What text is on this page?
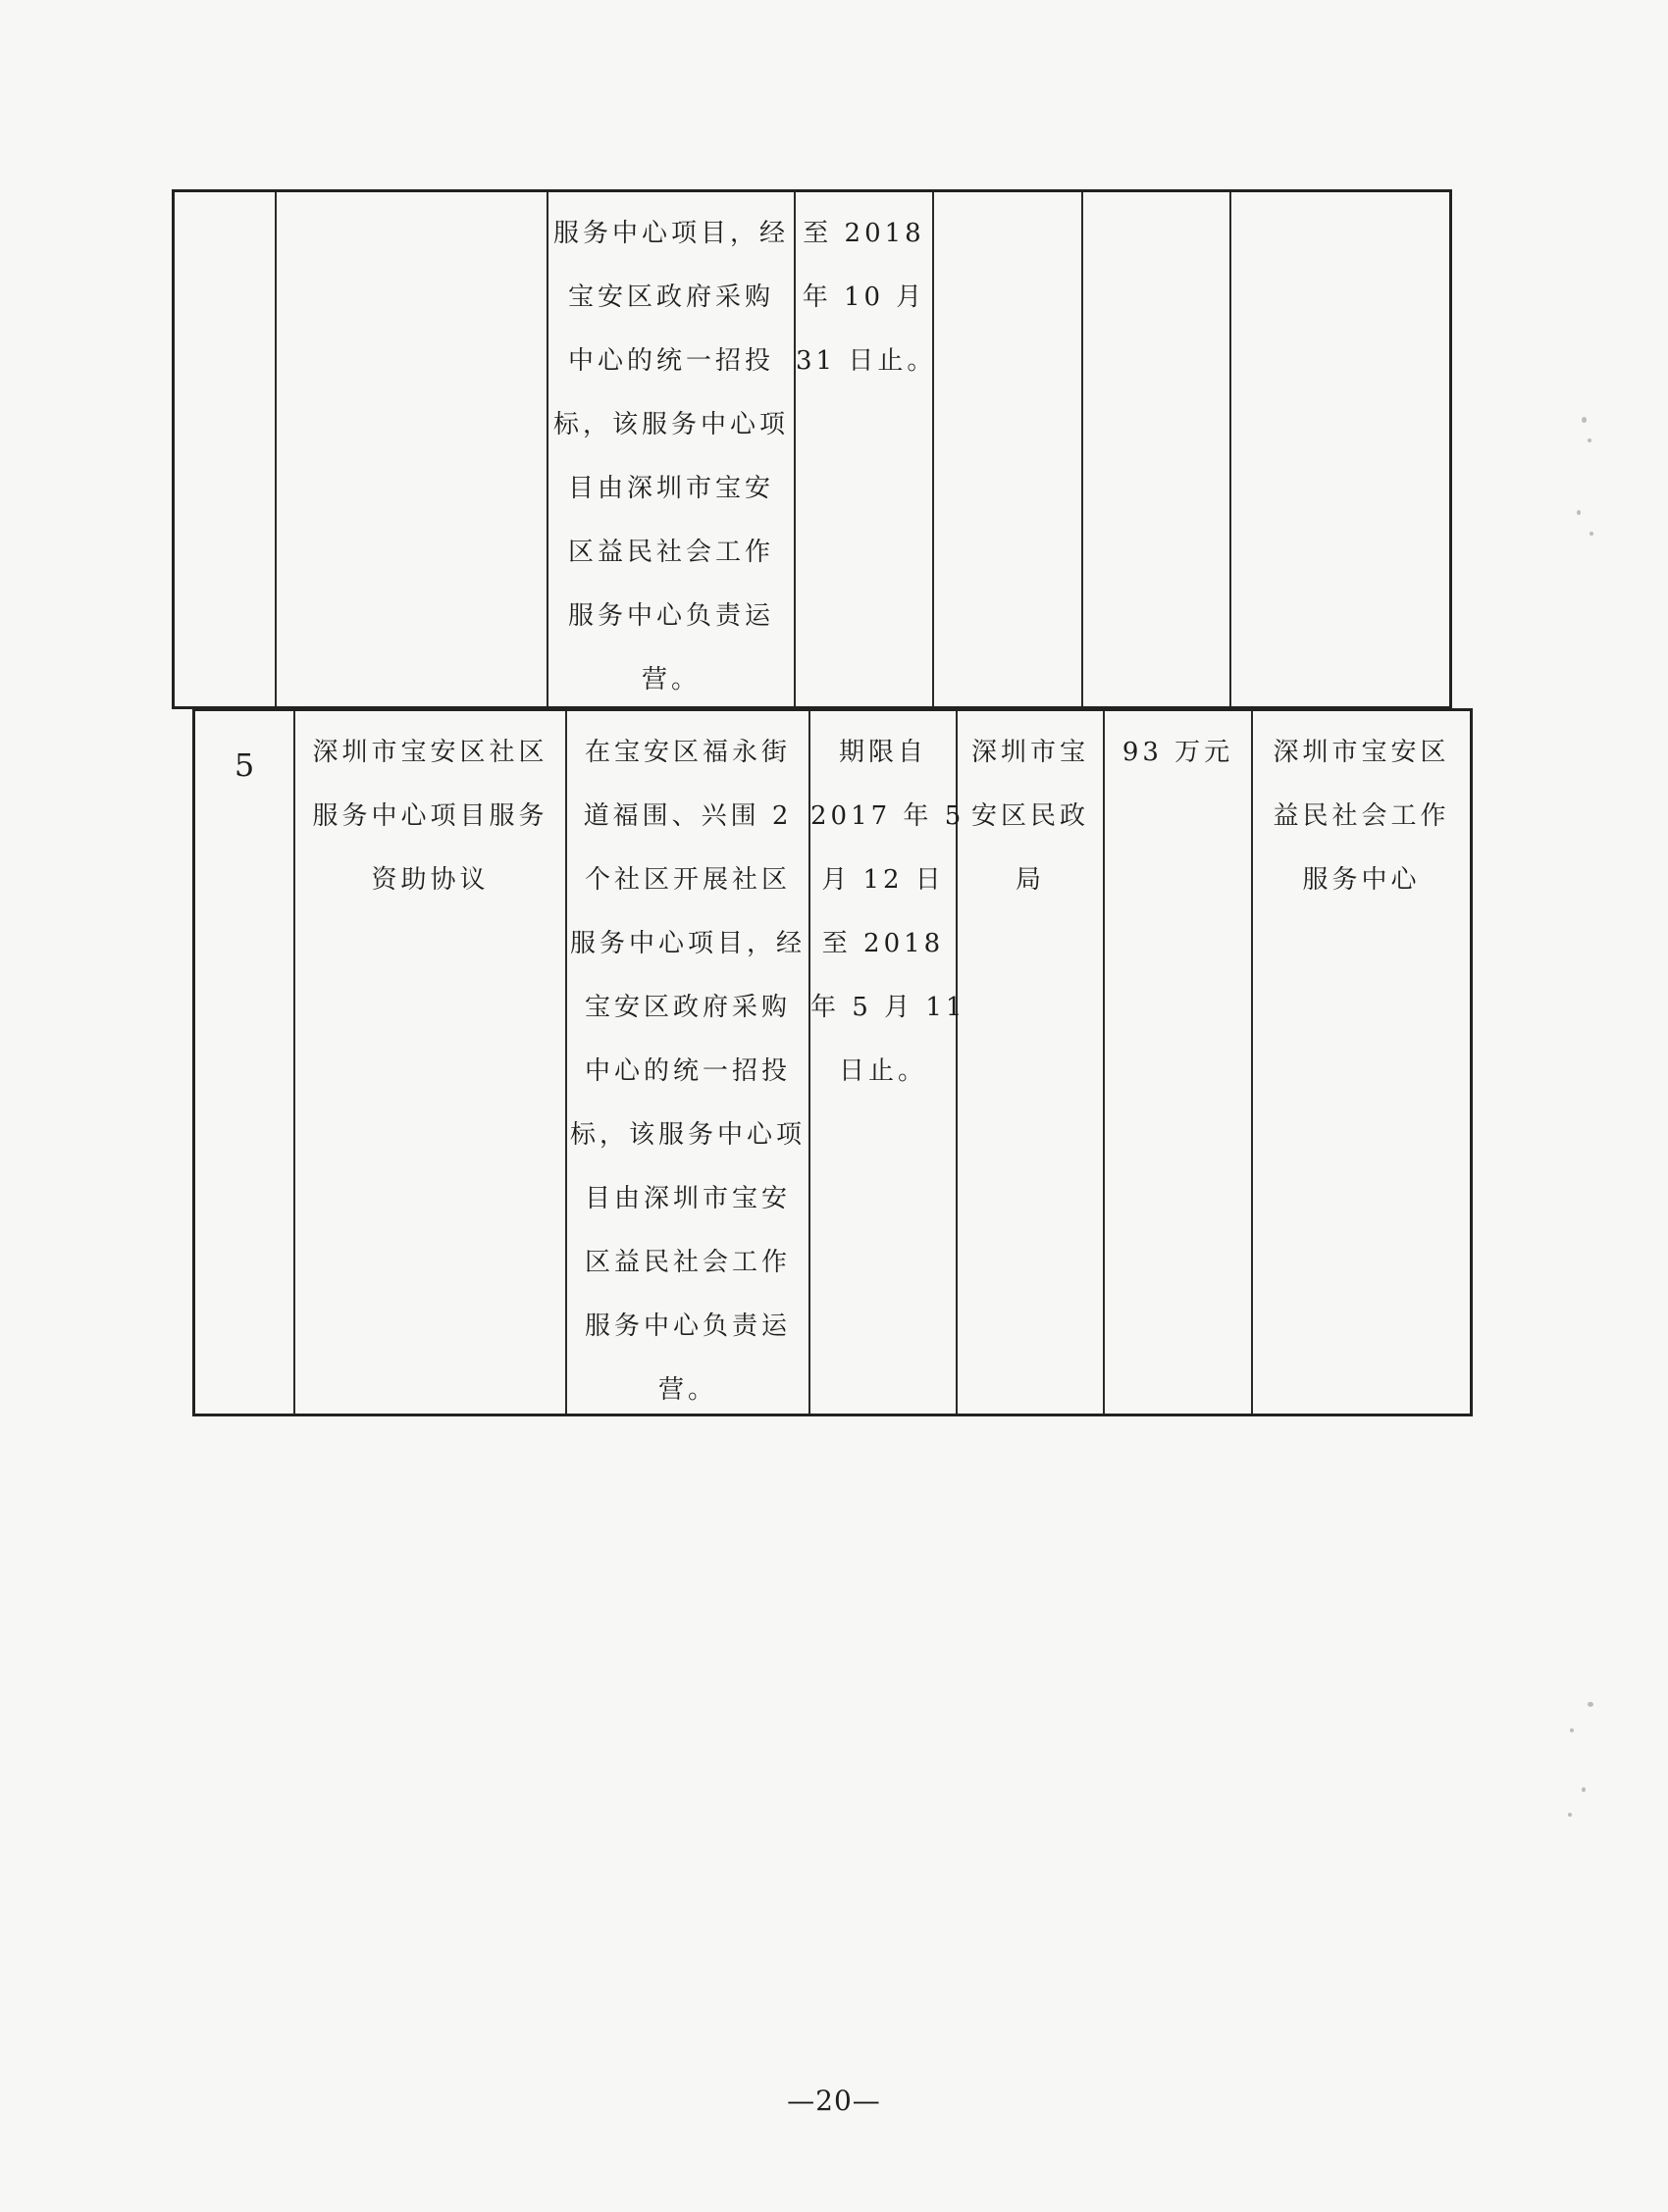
服务中心项目，经
宝安区政府采购
中心的统一招投
标，该服务中心项
目由深圳市宝安
区益民社会工作
服务中心负责运
营。
至 2018
年 10 月
31 日止。
5	深圳市宝安区社区
服务中心项目服务
资助协议
在宝安区福永街
道福围、兴围 2
个社区开展社区
服务中心项目，经
宝安区政府采购
中心的统一招投
标，该服务中心项
目由深圳市宝安
区益民社会工作
服务中心负责运
营。
期限自
2017 年 5
月 12 日
至 2018
年 5 月 11
日止。
深圳市宝
安区民政
局
93 万元	深圳市宝安区
益民社会工作
服务中心
—20—
